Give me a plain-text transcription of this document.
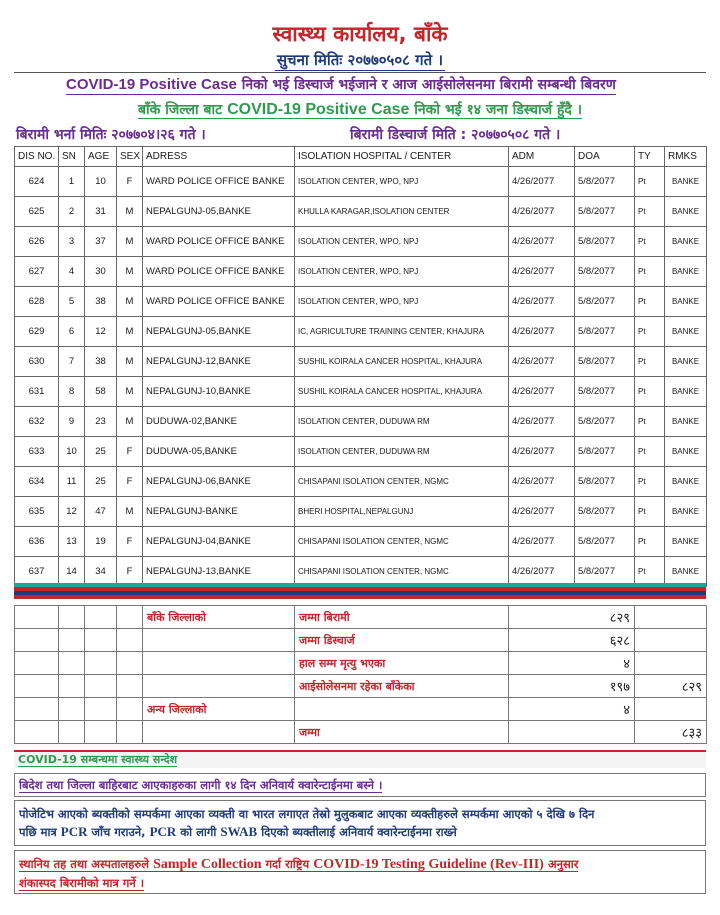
स्वास्थ्य कार्यालय, बाँके
सुचना मितिः २०७७०५०८ गते ।
COVID-19 Positive Case निको भई डिस्चार्ज भईजाने र आज आईसोलेसनमा बिरामी सम्बन्धी बिवरण
बाँके जिल्ला बाट COVID-19 Positive Case निको भई १४ जना डिस्चार्ज हुँदै ।
बिरामी भर्ना मितिः २०७७०४।२६ गते ।	बिरामी डिस्चार्ज मिति : २०७७०५०८ गते ।
DIS NO.	SN	AGE	SEX	ADRESS	ISOLATION HOSPITAL / CENTER	ADM	DOA	TY	RMKS
624	1	10	F	WARD POLICE OFFICE BANKE	ISOLATION CENTER, WPO, NPJ	4/26/2077	5/8/2077	Pt	BANKE
625	2	31	M	NEPALGUNJ-05,BANKE	KHULLA KARAGAR,ISOLATION CENTER	4/26/2077	5/8/2077	Pt	BANKE
626	3	37	M	WARD POLICE OFFICE BANKE	ISOLATION CENTER, WPO, NPJ	4/26/2077	5/8/2077	Pt	BANKE
627	4	30	M	WARD POLICE OFFICE BANKE	ISOLATION CENTER, WPO, NPJ	4/26/2077	5/8/2077	Pt	BANKE
628	5	38	M	WARD POLICE OFFICE BANKE	ISOLATION CENTER, WPO, NPJ	4/26/2077	5/8/2077	Pt	BANKE
629	6	12	M	NEPALGUNJ-05,BANKE	IC, AGRICULTURE TRAINING CENTER, KHAJURA	4/26/2077	5/8/2077	Pt	BANKE
630	7	38	M	NEPALGUNJ-12,BANKE	SUSHIL KOIRALA CANCER HOSPITAL, KHAJURA	4/26/2077	5/8/2077	Pt	BANKE
631	8	58	M	NEPALGUNJ-10,BANKE	SUSHIL KOIRALA CANCER HOSPITAL, KHAJURA	4/26/2077	5/8/2077	Pt	BANKE
632	9	23	M	DUDUWA-02,BANKE	ISOLATION CENTER, DUDUWA RM	4/26/2077	5/8/2077	Pt	BANKE
633	10	25	F	DUDUWA-05,BANKE	ISOLATION CENTER, DUDUWA RM	4/26/2077	5/8/2077	Pt	BANKE
634	11	25	F	NEPALGUNJ-06,BANKE	CHISAPANI ISOLATION CENTER, NGMC	4/26/2077	5/8/2077	Pt	BANKE
635	12	47	M	NEPALGUNJ-BANKE	BHERI HOSPITAL,NEPALGUNJ	4/26/2077	5/8/2077	Pt	BANKE
636	13	19	F	NEPALGUNJ-04,BANKE	CHISAPANI ISOLATION CENTER, NGMC	4/26/2077	5/8/2077	Pt	BANKE
637	14	34	F	NEPALGUNJ-13,BANKE	CHISAPANI ISOLATION CENTER, NGMC	4/26/2077	5/8/2077	Pt	BANKE
				बाँके जिल्लाको	जम्मा बिरामी	८२९	
					जम्मा डिस्चार्ज	६२८	
					हाल सम्म मृत्यु भएका	४	
					आईसोलेसनमा रहेका बाँकेका	१९७	८२९
				अन्य जिल्लाको		४	
					जम्मा		८३३
COVID-19 सम्बन्धमा स्वास्थ्य सन्देश
बिदेश तथा जिल्ला बाहिरबाट आएकाहरुका लागी १४ दिन अनिवार्य क्वारेन्टाईनमा बस्ने ।
पोजेटिभ आएको ब्यक्तीको सम्पर्कमा आएका व्यक्ती वा भारत लगाएत तेस्रो मुलुकबाट आएका व्यक्तीहरुले सम्पर्कमा आएको ५ देखि ७ दिन
पछि मात्र PCR जाँच गराउने, PCR को लागी SWAB दिएको ब्यक्तीलाई अनिवार्य क्वारेन्टाईनमा राख्ने
स्थानिय तह तथा अस्पतालहरुले Sample Collection गर्दा राष्ट्रिय COVID-19 Testing Guideline (Rev-III) अनुसार
शंकास्पद बिरामीको मात्र गर्ने ।
